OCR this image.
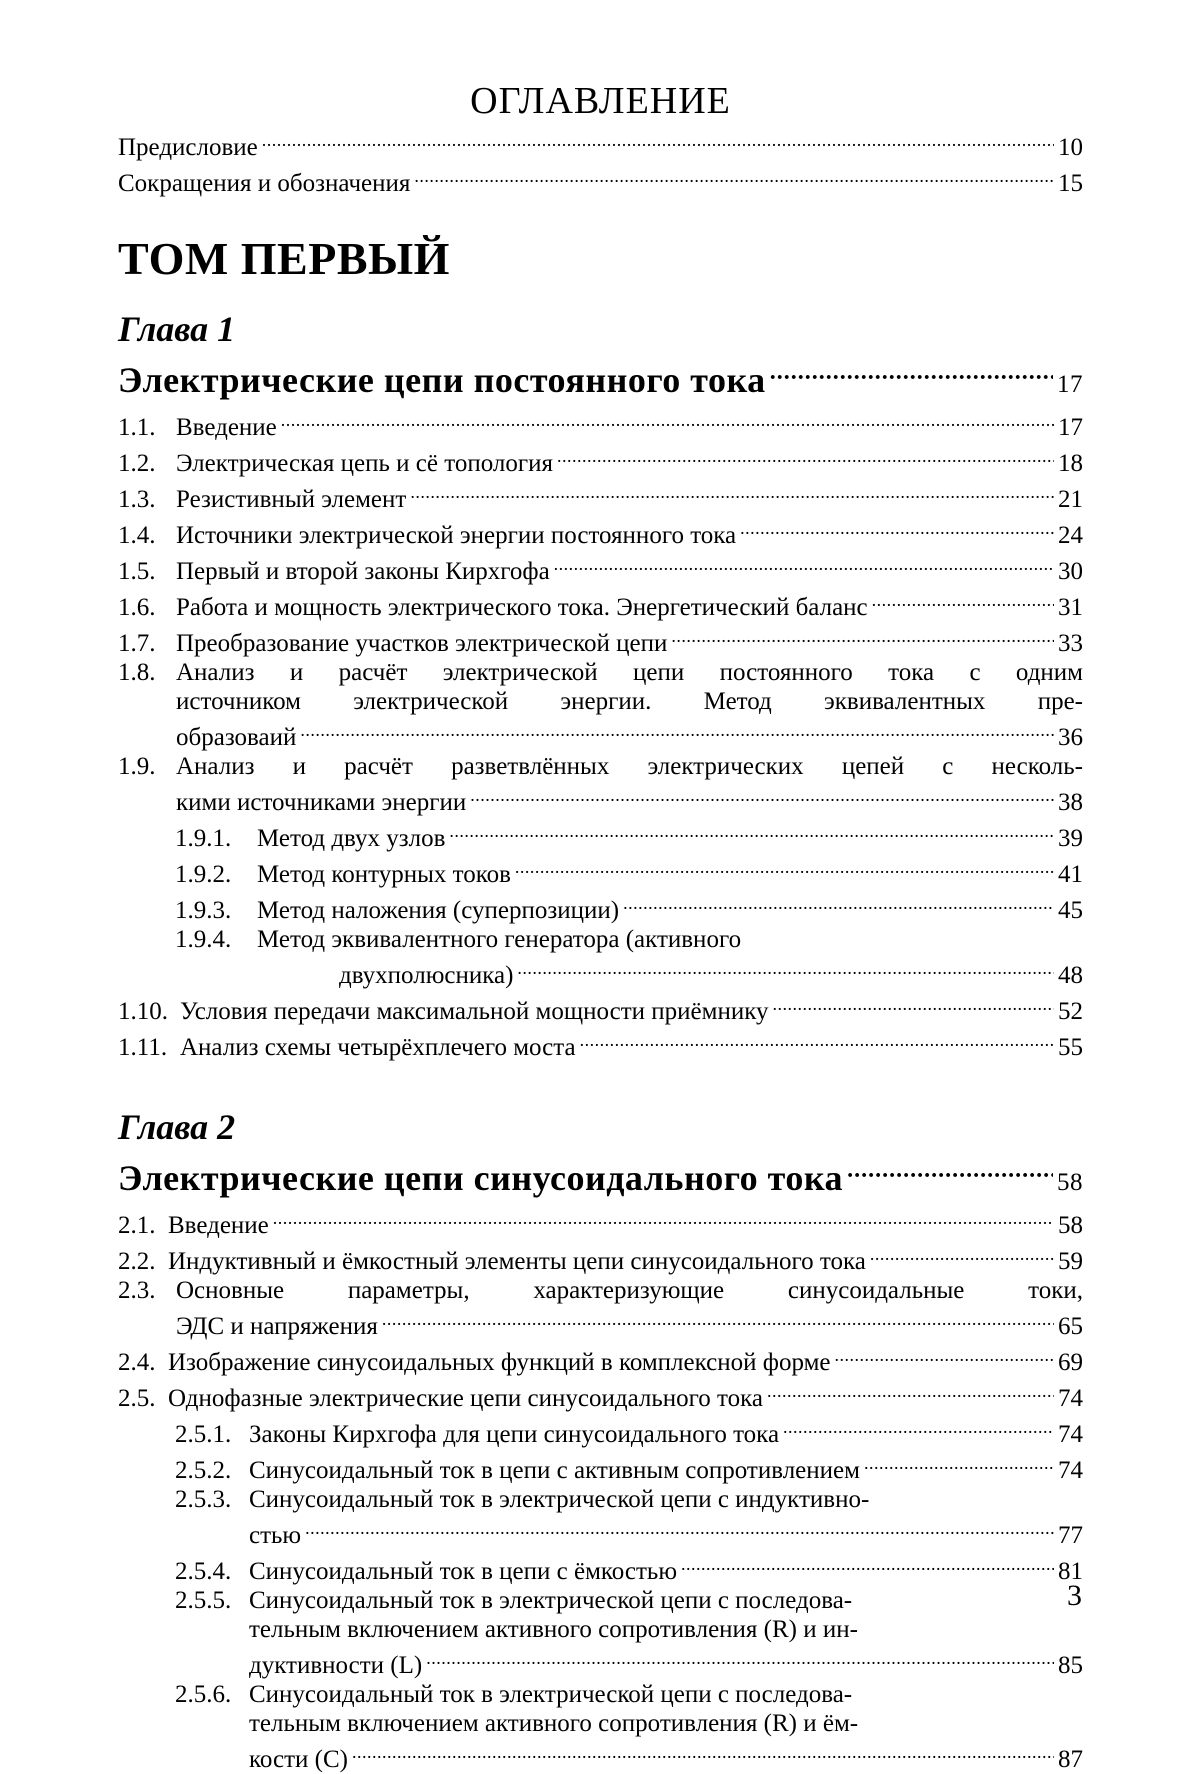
ОГЛАВЛЕНИЕ
Предисловие .....	10
Сокращения и обозначения .....	15
ТОМ ПЕРВЫЙ
Глава 1
Электрические цепи постоянного тока .....	17
1.1. Введение .....	17
1.2. Электрическая цепь и сё топология .....	18
1.3. Резистивный элемент .....	21
1.4. Источники электрической энергии постоянного тока .....	24
1.5. Первый и второй законы Кирхгофа .....	30
1.6. Работа и мощность электрического тока. Энергетический баланс .....	31
1.7. Преобразование участков электрической цепи .....	33
1.8. Анализ и расчёт электрической цепи постоянного тока с одним
источником электрической энергии. Метод эквивалентных пре-
образоваий .....	36
1.9. Анализ и расчёт разветвлённых электрических цепей с несколь-
кими источниками энергии .....	38
1.9.1.	Метод двух узлов .....	39
1.9.2.	Метод контурных токов .....	41
1.9.3.	Метод наложения (суперпозиции) .....	45
1.9.4.	Метод эквивалентного генератора (активного
двухполюсника) .....	48
1.10. Условия передачи максимальной мощности приёмнику .....	52
1.11. Анализ схемы четырёхплечего моста .....	55
Глава 2
Электрические цепи синусоидального тока .....	58
2.1. Введение .....	58
2.2. Индуктивный и ёмкостный элементы цепи синусоидального тока .....	59
2.3. Основные параметры, характеризующие синусоидальные токи,
ЭДС и напряжения .....	65
2.4. Изображение синусоидальных функций в комплексной форме .....	69
2.5. Однофазные электрические цепи синусоидального тока .....	74
2.5.1. Законы Кирхгофа для цепи синусоидального тока .....	74
2.5.2. Синусоидальный ток в цепи с активным сопротивлением .....	74
2.5.3. Синусоидальный ток в электрической цепи с индуктивно-
стью .....	77
2.5.4. Синусоидальный ток в цепи с ёмкостью .....	81
2.5.5. Синусоидальный ток в электрической цепи с последова-
тельным включением активного сопротивления (R) и ин-
дуктивности (L) .....	85
2.5.6. Синусоидальный ток в электрической цепи с последова-
тельным включением активного сопротивления (R) и ём-
кости (C) .....	87
3
